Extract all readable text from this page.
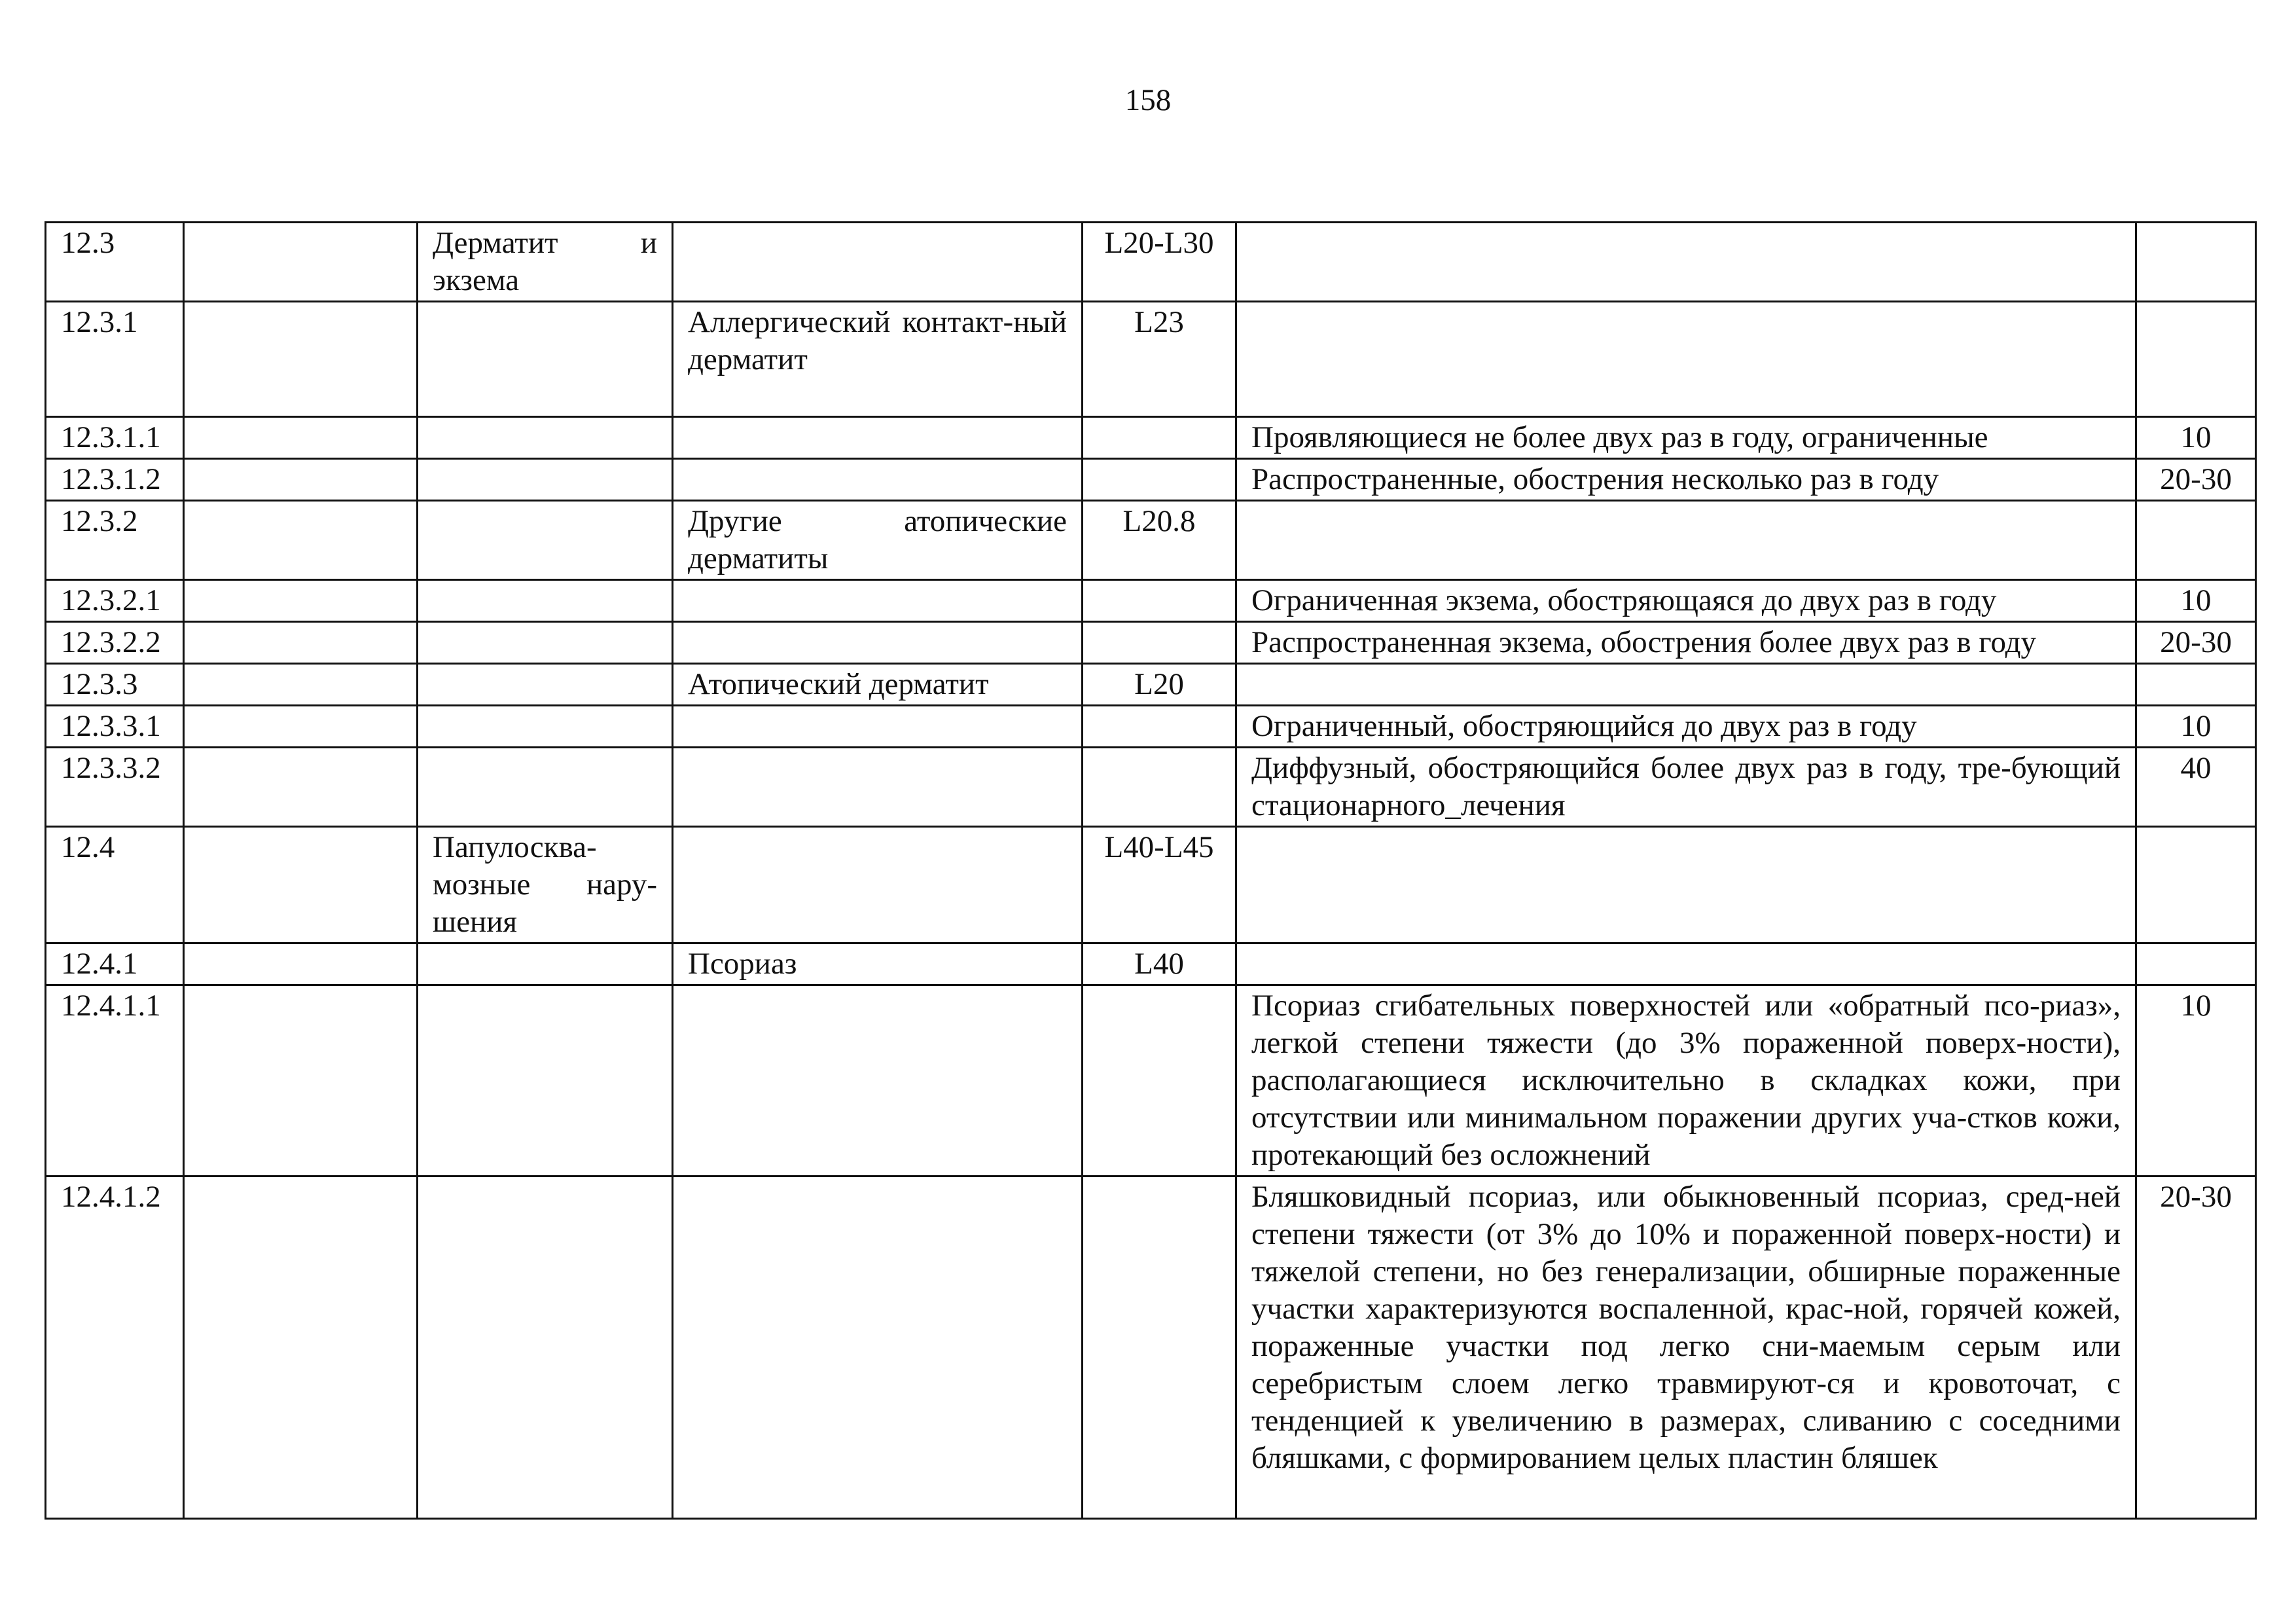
158
12.3		Дерматит и экзема		L20-L30		
12.3.1			Аллергический контакт-ный дерматит	L23		
12.3.1.1					Проявляющиеся не более двух раз в году, ограниченные	10
12.3.1.2					Распространенные, обострения несколько раз в году	20-30
12.3.2			Другие атопические дерматиты	L20.8		
12.3.2.1					Ограниченная экзема, обостряющаяся до двух раз в году	10
12.3.2.2					Распространенная экзема, обострения более двух раз в году	20-30
12.3.3			Атопический дерматит	L20		
12.3.3.1					Ограниченный, обостряющийся до двух раз в году	10
12.3.3.2					Диффузный, обостряющийся более двух раз в году, тре-бующий стационарного_лечения	40
12.4		Папулосква-мозные нару-шения		L40-L45		
12.4.1			Псориаз	L40		
12.4.1.1					Псориаз сгибательных поверхностей или «обратный псо-риаз», легкой степени тяжести (до 3% пораженной поверх-ности), располагающиеся исключительно в складках кожи, при отсутствии или минимальном поражении других уча-стков кожи, протекающий без осложнений	10
12.4.1.2					Бляшковидный псориаз, или обыкновенный псориаз, сред-ней степени тяжести (от 3% до 10% и пораженной поверх-ности) и тяжелой степени, но без генерализации, обширные пораженные участки характеризуются воспаленной, крас-ной, горячей кожей, пораженные участки под легко сни-маемым серым или серебристым слоем легко травмируют-ся и кровоточат, с тенденцией к увеличению в размерах, сливанию с соседними бляшками, с формированием целых пластин бляшек	20-30
